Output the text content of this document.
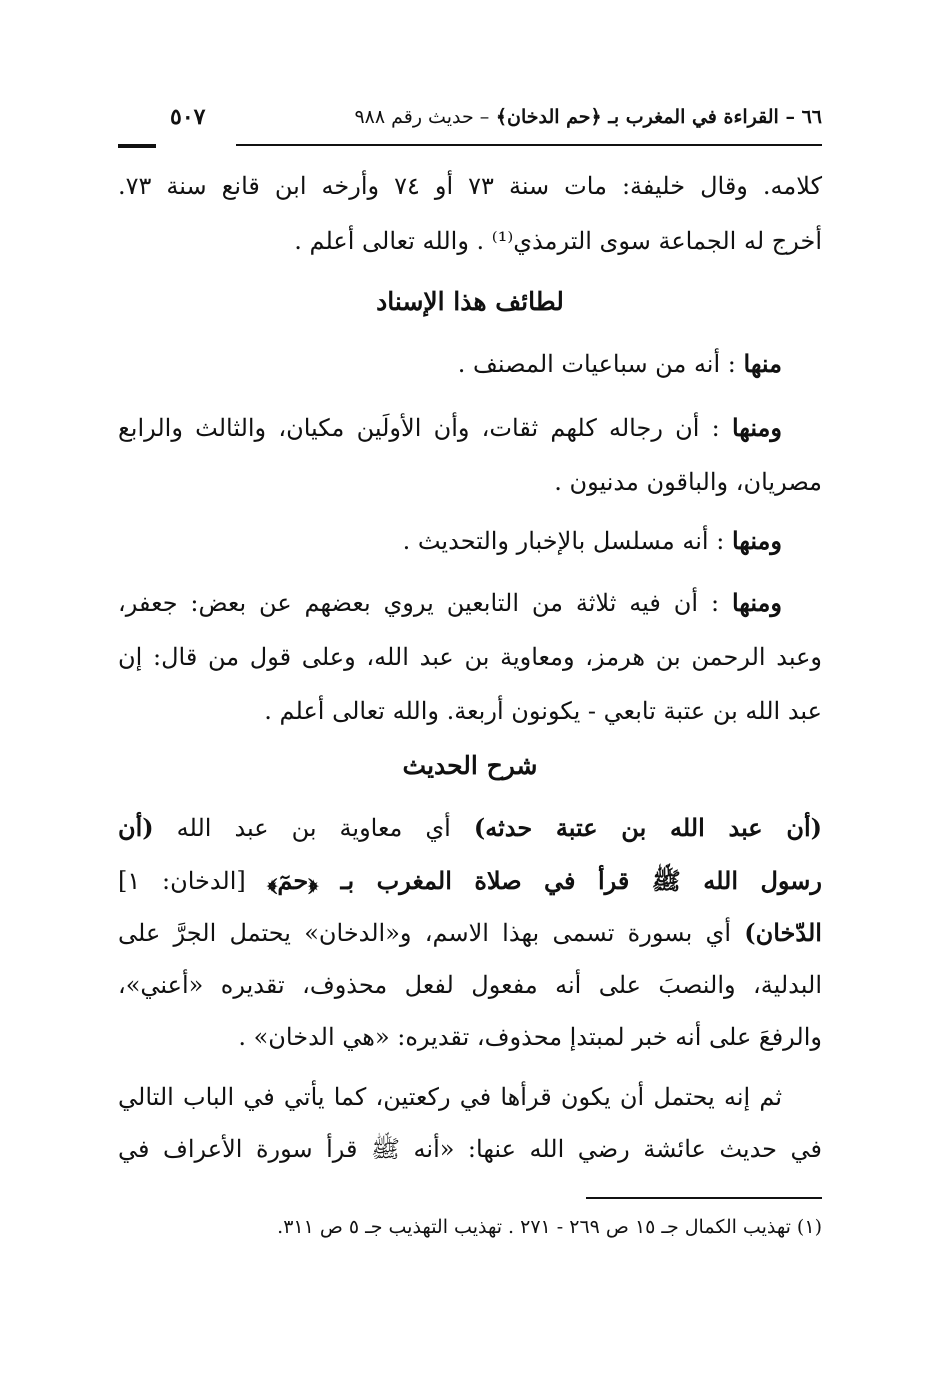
٦٦ – القراءة في المغرب بـ ﴿حم الدخان﴾ – حديث رقم ٩٨٨
٥٠٧
كلامه. وقال خليفة: مات سنة ٧٣ أو ٧٤ وأرخه ابن قانع سنة ٧٣.
أخرج له الجماعة سوى الترمذي⁽¹⁾ . والله تعالى أعلم .
لطائف هذا الإسناد
منها : أنه من سباعيات المصنف .
ومنها : أن رجاله كلهم ثقات، وأن الأولَين مكيان، والثالث والرابع
مصريان، والباقون مدنيون .
ومنها : أنه مسلسل بالإخبار والتحديث .
ومنها : أن فيه ثلاثة من التابعين يروي بعضهم عن بعض: جعفر،
وعبد الرحمن بن هرمز، ومعاوية بن عبد الله، وعلى قول من قال: إن
عبد الله بن عتبة تابعي - يكونون أربعة. والله تعالى أعلم .
شرح الحديث
(أن عبد الله بن عتبة حدثه) أي معاوية بن عبد الله (أن
رسول الله ﷺ قرأ في صلاة المغرب بـ ﴿حمٓ﴾ [الدخان: ١]
الدّخان) أي بسورة تسمى بهذا الاسم، و«الدخان» يحتمل الجرَّ على
البدلية، والنصبَ على أنه مفعول لفعل محذوف، تقديره «أعني»،
والرفعَ على أنه خبر لمبتدإ محذوف، تقديره: «هي الدخان» .
ثم إنه يحتمل أن يكون قرأها في ركعتين، كما يأتي في الباب التالي
في حديث عائشة رضي الله عنها: «أنه ﷺ قرأ سورة الأعراف في
(١) تهذيب الكمال جـ ١٥ ص ٢٦٩ - ٢٧١ . تهذيب التهذيب جـ ٥ ص ٣١١.
